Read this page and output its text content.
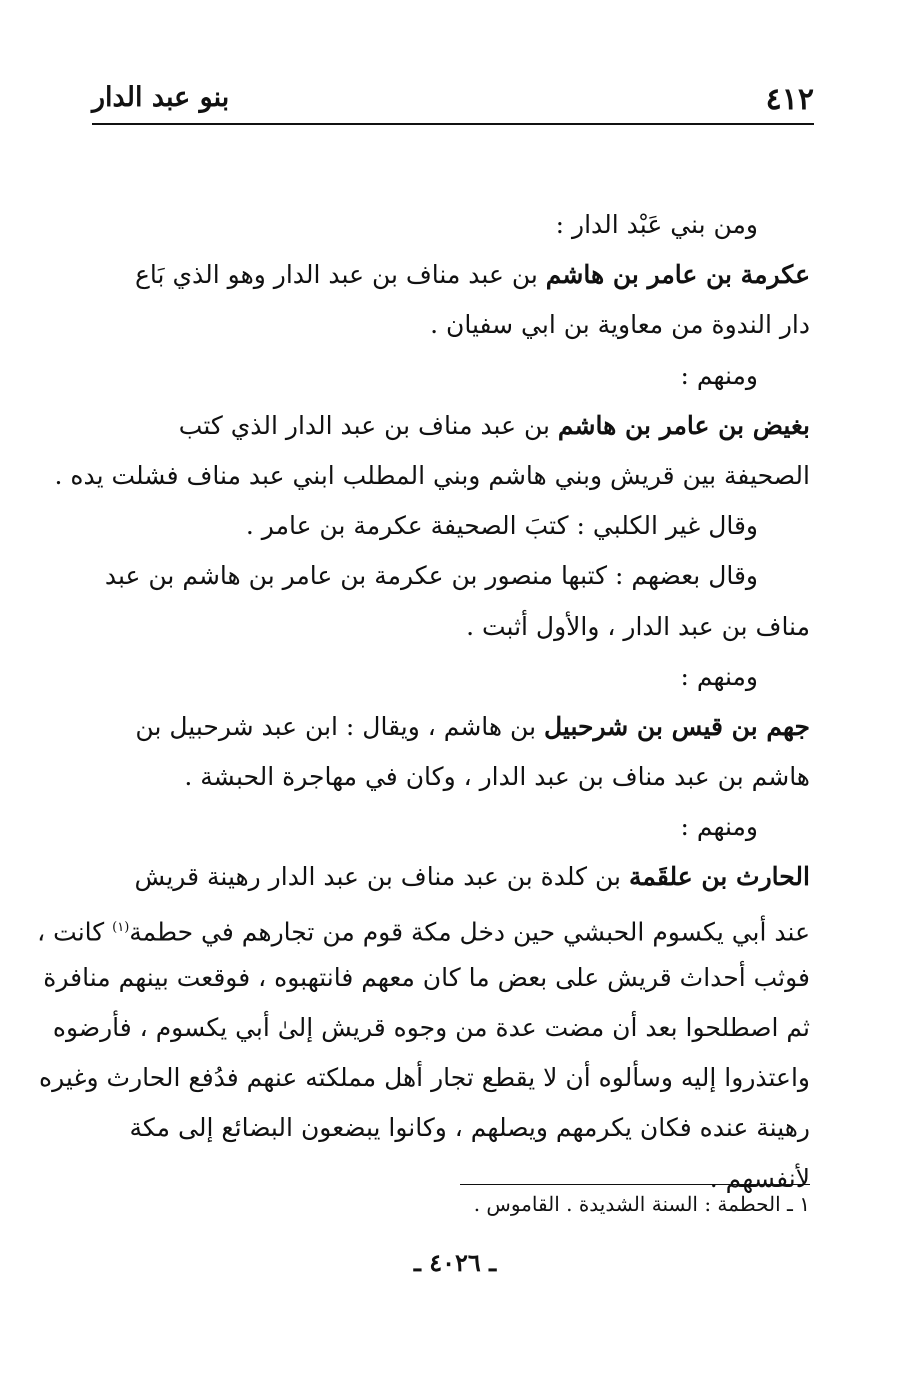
٤١٢
بنو عبد الدار
ومن بني عَبْد الدار :
عكرمة بن عامر بن هاشم بن عبد مناف بن عبد الدار وهو الذي بَاع
دار الندوة من معاوية بن ابي سفيان .
ومنهم :
بغيض بن عامر بن هاشم بن عبد مناف بن عبد الدار الذي كتب
الصحيفة بين قريش وبني هاشم وبني المطلب ابني عبد مناف فشلت يده .
وقال غير الكلبي : كتبَ الصحيفة عكرمة بن عامر .
وقال بعضهم : كتبها منصور بن عكرمة بن عامر بن هاشم بن عبد
مناف بن عبد الدار ، والأول أثبت .
ومنهم :
جهم بن قيس بن شرحبيل بن هاشم ، ويقال : ابن عبد شرحبيل بن
هاشم بن عبد مناف بن عبد الدار ، وكان في مهاجرة الحبشة .
ومنهم :
الحارث بن علقَمة بن كلدة بن عبد مناف بن عبد الدار رهينة قريش
عند أبي يكسوم الحبشي حين دخل مكة قوم من تجارهم في حطمة$^{(١)}$ كانت ،
فوثب أحداث قريش على بعض ما كان معهم فانتهبوه ، فوقعت بينهم منافرة
ثم اصطلحوا بعد أن مضت عدة من وجوه قريش إلىٰ أبي يكسوم ، فأرضوه
واعتذروا إليه وسألوه أن لا يقطع تجار أهل مملكته عنهم فدُفع الحارث وغيره
رهينة عنده فكان يكرمهم ويصلهم ، وكانوا يبضعون البضائع إلى مكة
لأنفسهم .
١ ـ الحطمة : السنة الشديدة . القاموس .
ـ ٤٠٢٦ ـ
